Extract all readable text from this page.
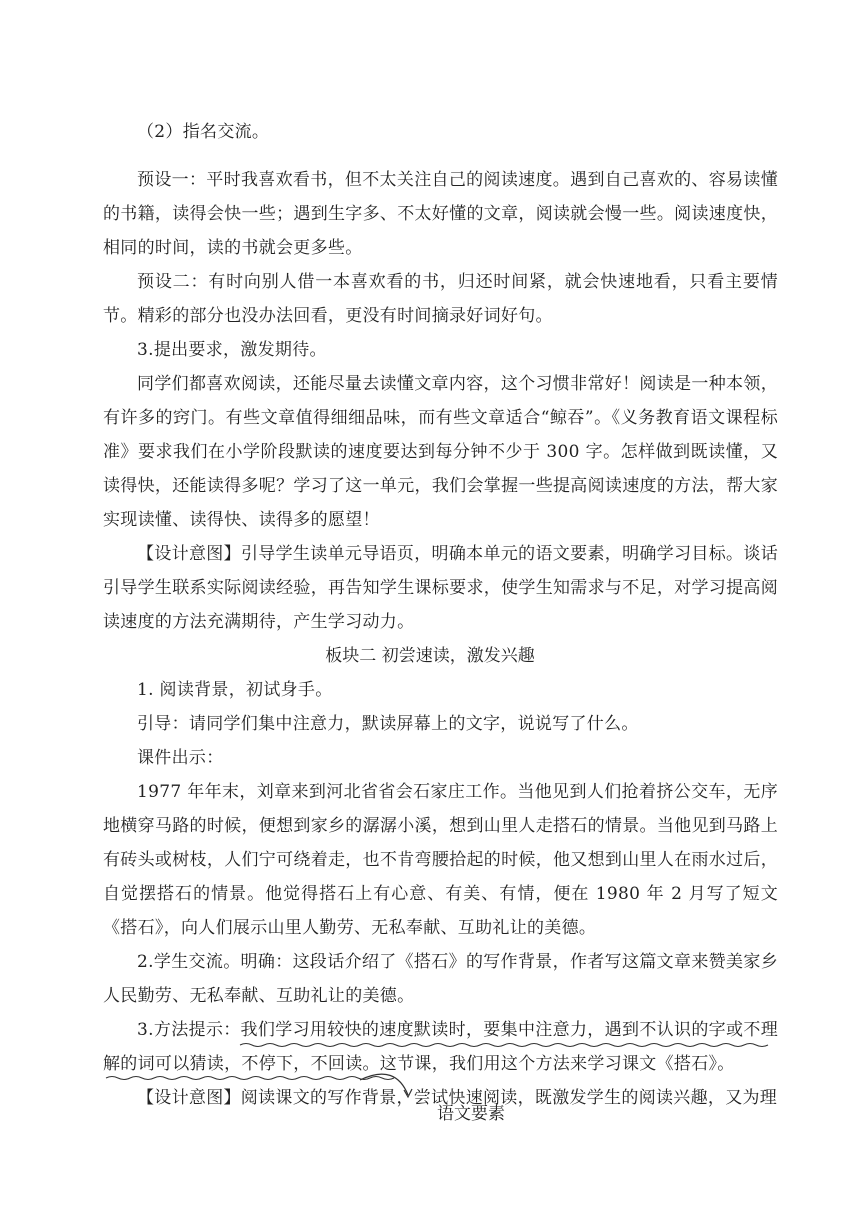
（2）指名交流。

预设一：平时我喜欢看书，但不太关注自己的阅读速度。遇到自己喜欢的、容易读懂的书籍，读得会快一些；遇到生字多、不太好懂的文章，阅读就会慢一些。阅读速度快，相同的时间，读的书就会更多些。

预设二：有时向别人借一本喜欢看的书，归还时间紧，就会快速地看，只看主要情节。精彩的部分也没办法回看，更没有时间摘录好词好句。

3.提出要求，激发期待。

同学们都喜欢阅读，还能尽量去读懂文章内容，这个习惯非常好！阅读是一种本领，有许多的窍门。有些文章值得细细品味，而有些文章适合“鲸吞”。《义务教育语文课程标准》要求我们在小学阶段默读的速度要达到每分钟不少于 300 字。怎样做到既读懂，又读得快，还能读得多呢？学习了这一单元，我们会掌握一些提高阅读速度的方法，帮大家实现读懂、读得快、读得多的愿望！

【设计意图】引导学生读单元导语页，明确本单元的语文要素，明确学习目标。谈话引导学生联系实际阅读经验，再告知学生课标要求，使学生知需求与不足，对学习提高阅读速度的方法充满期待，产生学习动力。

板块二 初尝速读，激发兴趣

1. 阅读背景，初试身手。

引导：请同学们集中注意力，默读屏幕上的文字，说说写了什么。

课件出示：

1977 年年末，刘章来到河北省省会石家庄工作。当他见到人们抢着挤公交车，无序地横穿马路的时候，便想到家乡的潺潺小溪，想到山里人走搭石的情景。当他见到马路上有砖头或树枝，人们宁可绕着走，也不肯弯腰拾起的时候，他又想到山里人在雨水过后，自觉摆搭石的情景。他觉得搭石上有心意、有美、有情，便在 1980 年 2 月写了短文《搭石》，向人们展示山里人勤劳、无私奉献、互助礼让的美德。

2.学生交流。明确：这段话介绍了《搭石》的写作背景，作者写这篇文章来赞美家乡人民勤劳、无私奉献、互助礼让的美德。

3.方法提示：我们学习用较快的速度默读时，要集中注意力，遇到不认识的字或不理解的词可以猜读，不停下，不回读。这节课，我们用这个方法来学习课文《搭石》。

【设计意图】阅读课文的写作背景，尝试快速阅读，既激发学生的阅读兴趣，又为理

语文要素
